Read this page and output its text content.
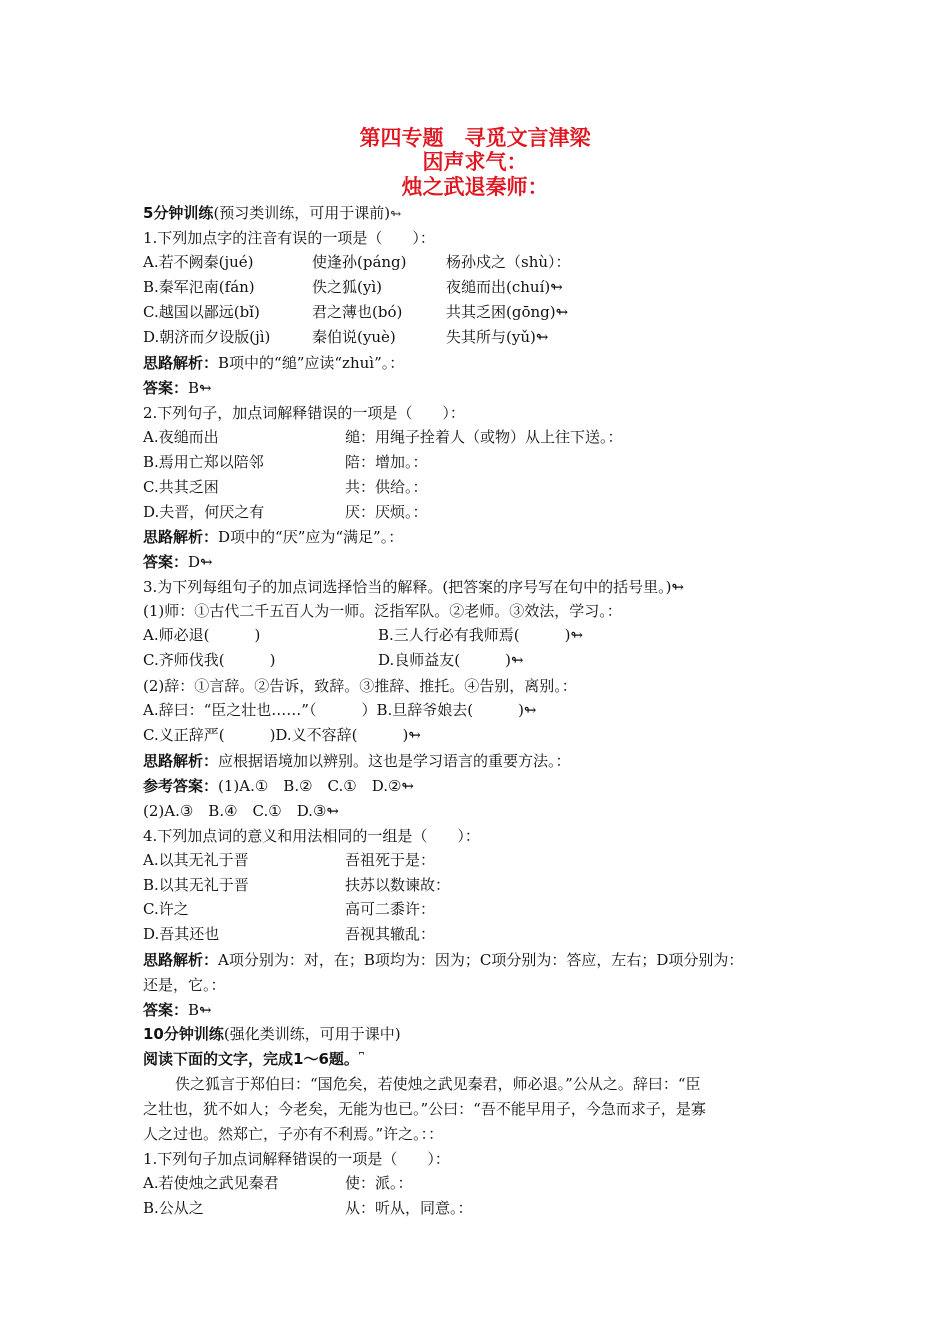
第四专题　寻觅文言津梁
因声求气：
烛之武退秦师：
5分钟训练(预习类训练，可用于课前)↬
1.下列加点字的注音有误的一项是（　　）：
A.若不阙秦(jué)	使逢孙(páng)	杨孙戍之（shù）：
B.秦军氾南(fán)	佚之狐(yì)	夜缒而出(chuí)↬
C.越国以鄙远(bǐ)	君之薄也(bó)	共其乏困(gōng)↬
D.朝济而夕设版(jì)	秦伯说(yuè)	失其所与(yǔ)↬
思路解析：B项中的“缒”应读“zhuì”。：
答案：B↬
2.下列句子，加点词解释错误的一项是（　　）：
A.夜缒而出	缒：用绳子拴着人（或物）从上往下送。：
B.焉用亡郑以陪邻	陪：增加。：
C.共其乏困	共：供给。：
D.夫晋，何厌之有	厌：厌烦。：
思路解析：D项中的“厌”应为“满足”。：
答案：D↬
3.为下列每组句子的加点词选择恰当的解释。(把答案的序号写在句中的括号里。)↬
(1)师：①古代二千五百人为一师。泛指军队。②老师。③效法，学习。：
A.师必退(　　　)	B.三人行必有我师焉(　　　)↬
C.齐师伐我(　　　)	D.良师益友(　　　)↬
(2)辞：①言辞。②告诉，致辞。③推辞、推托。④告别，离别。：
A.辞曰：“臣之壮也……”（　　　）B.旦辞爷娘去(　　　)↬
C.义正辞严(　　　)D.义不容辞(　　　)↬
思路解析：应根据语境加以辨别。这也是学习语言的重要方法。：
参考答案：(1)A.①　B.②　C.①　D.②↬
(2)A.③　B.④　C.①　D.③↬
4.下列加点词的意义和用法相同的一组是（　　）：
A.以其无礼于晋	吾祖死于是：
B.以其无礼于晋	扶苏以数谏故：
C.许之	高可二黍许：
D.吾其还也	吾视其辙乱：
思路解析：A项分别为：对，在；B项均为：因为；C项分别为：答应，左右；D项分别为：
还是，它。：
答案：B↬
10分钟训练(强化类训练，可用于课中)
阅读下面的文字，完成1～6题。⎴
佚之狐言于郑伯曰：“国危矣，若使烛之武见秦君，师必退。”公从之。辞曰：“臣
之壮也，犹不如人；今老矣，无能为也已。”公曰：“吾不能早用子，今急而求子，是寡
人之过也。然郑亡，子亦有不利焉。”许之。：：
1.下列句子加点词解释错误的一项是（　　）：
A.若使烛之武见秦君	使：派。：
B.公从之	从：听从，同意。：
